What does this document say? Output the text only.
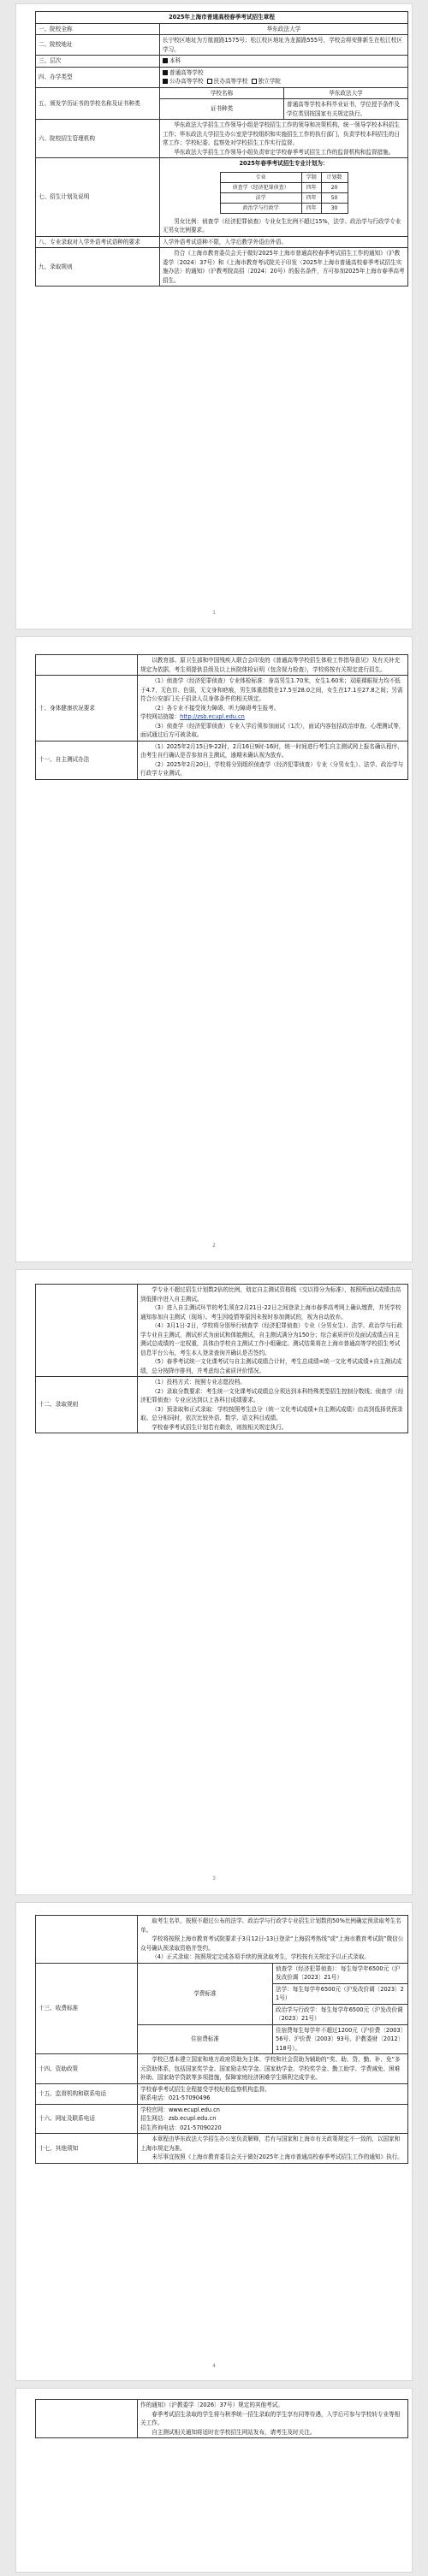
2025年上海市普通高校春季考试招生章程
一、院校全称	华东政法大学
二、院校地址	长宁校区地址为万航渡路1575号；松江校区地址为龙源路555号，学校会将安排新生在松江校区学习。
三、层次	本科
四、办学类型	
普通高等学校
公办高等学校 民办高等学校 独立学院

五、颁发学历证书的学校名称及证书种类	学校名称	华东政法大学
证书种类	普通高等学校本科毕业证书，学位授予条件及学位类别按国家有关规定执行。
六、院校招生管理机构	

华东政法大学招生工作领导小组是学校招生工作的领导和决策机构，统一领导学校本科招生工作；华东政法大学招生办公室是学校组织和实施招生工作的执行部门，负责学校本科招生的日常工作；学校纪委、监察处对学校招生工作实行监督。

华东政法大学招生工作领导小组负责审定学校春季考试招生工作的监督机构和监督措施。

七、招生计划及说明	
2025年春季考试招生专业计划为：
专业	学制	计划数
侦查学（经济犯罪侦查）	四年	20
法学	四年	50
政治学与行政学	四年	30

男女比例：侦查学（经济犯罪侦查）专业女生比例不超过15%，法学、政治学与行政学专业无男女比例要求。

八、专业录取对入学外语考试语种的要求	入学外语考试语种不限，入学后教学外语由外语。
九、录取规则	

符合《上海市教育委员会关于做好2025年上海市普通高校春季考试招生工作的通知》（沪教委学〔2024〕37号）和《上海市教育考试院关于印发〈2025年上海市普通高校春季考试招生实施办法〉的通知》（沪教考院高招〔2024〕20号）的报名条件，方可参加2025年上海市春季高考招生。

1

	以教育部、原卫生部和中国残疾人联合会印发的《普通高等学校招生体检工作指导意见》及有关补充规定为依据，考生须提供县级及以上医院体检证明（包含视力检查），学校将按有关规定进行招生。

十、身体健康状况要求	（1）侦查学（经济犯罪侦查）专业体检标准：身高男生1.70米，女生1.60米；双眼裸眼视力均不低于4.7，无色盲、色弱，无文身和疤痕，男生体重指数在17.5至28.0之间，女生在17.1至27.8之间；另需符合公安部门关于招录人员身体条件的相关规定。

（2）各专业不接受视力障碍、听力障碍考生报考。

学校网站链接：http://zsb.ecupl.edu.cn

（3）侦查学（经济犯罪侦查）专业入学后须参加面试（1次），面试内容包括政治审查、心理测试等，面试通过后方可被录取。

十一、自主测试办法	（1）2025年2月15日9-22时，2月16日9时-16时，统一时间进行考生自主测试网上报名确认程序，由考生自行确认是否参加自主测试，逾期未确认视为放弃。

（2）2025年2月20日，学校将分别组织侦查学（经济犯罪侦查）专业（分男女生）、法学、政治学与行政学专业测试。

2

	学专业不超过招生计划数2倍的比例，划定自主测试资格线（交以得分为标准），按照所面试成绩由高到低排序进入自主测试。

（3）进入自主测试环节的考生须在2月21日-22日之间登录上海市春季高考网上确认缴费，并凭学校通知参加自主测试（现场）。考生因疫情等原因未按时参加测试的，视为自动放弃。

（4）3月1日-2日，学校将分别举行侦查学（经济犯罪侦查）专业（分男女生）、法学、政治学与行政学专业自主测试，测试形式为面试和体能测试，自主测试满分为150分；综合素质评价及面试成绩占自主测试总成绩的一定权重，具体由学校自主测试工作小组确定。测试结果将在上海市普通高等学校招生考试信息平台公布，考生本人登录查询并确认是否签约。

（5）春季考试统一文化课考试与自主测试成绩合计时，考生总成绩=统一文化考试成绩+自主测试成绩，总分按降序排列，并考虑综合素质评价情况。

十二、录取规则	（1）投档方式：按照专业志愿投档。

（2）录取分数要求：考生统一文化课考试成绩总分须达到本科特殊类型招生控制分数线；侦查学（经济犯罪侦查）专业应达到以上各科目成绩要求。

（3）预录取和正式录取：学校按照考生总分（统一文化考试成绩+自主测试成绩）由高到低择优预录取。总分相同时，依次比较外语、数学、语文科目成绩。

学校春季考试招生计划若有剩余，则按相关规定执行。

3

	取考生名单，按照不超过公布的法学、政治学与行政学专业招生计划数的50%比例确定预录取考生名单。

学校将按照上海市教育考试院要求于3月12日-13日登录“上海招考热线”或“上海市教育考试院”微信公众号确认预录取资格并签约。

（4）正式录取：按照规定完成各项手续的预录取考生，学校按有关规定予以正式录取。	

十三、收费标准	学费标准	侦查学（经济犯罪侦查）：每生每学年6500元（沪发改价调〔2023〕21号）
		法学：每生每学年6500元（沪发改价调〔2023〕21号）
		政治学与行政学：每生每学年6500元（沪发改价调〔2023〕21号）
	住宿费标准	住宿费每生每学年不超过1200元（沪价费〔2003〕56号、沪价费〔2003〕93号、沪教委财〔2012〕118号）。
十四、资助政策	学校已基本建立国家和地方政府资助为主体、学校和社会资助为辅助的“奖、助、贷、勤、补、免”多元资助体系，包括国家奖学金、国家励志奖学金、国家助学金、学校奖学金、勤工助学、学费减免、困难补助、国家助学贷款等多项措施，保障家庭经济困难学生顺利完成学业。	

十五、监督机构和联系电话	学校春季考试招生全程接受学校纪检监察机构监督。

联系电话：021-57090496	

十六、网址及联系电话	学校官网：www.ecupl.edu.cn

招生网站：zsb.ecupl.edu.cn

招生咨询电话：021-57090220	

十七、其他须知	本章程由华东政法大学招生办公室负责解释，若有与国家和上海市有关政策规定不一致的，以国家和上海市规定为准。

未尽事宜按照《上海市教育委员会关于做好2025年上海市普通高校春季考试招生工作的通知》执行。	

4

作的通知》（沪教委学〔2026〕37号）规定的其他考试。

春季考试招生录取的学生将与秋季统一招生录取的学生享有同等待遇，入学后可参与学校转专业等相关工作。

自主测试相关通知将适时在学校招生网站发布，请考生及时关注。
